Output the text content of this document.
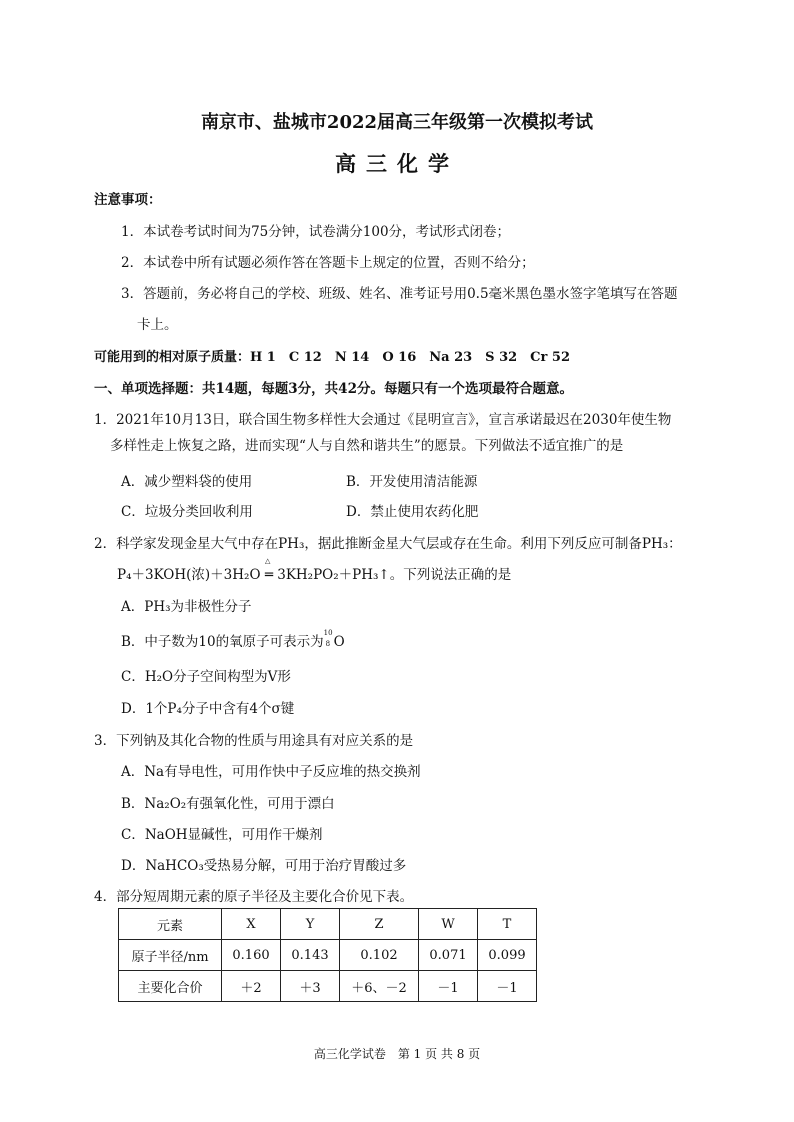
南京市、盐城市2022届高三年级第一次模拟考试
高三化学
注意事项：
1．本试卷考试时间为75分钟，试卷满分100分，考试形式闭卷；
2．本试卷中所有试题必须作答在答题卡上规定的位置，否则不给分；
3．答题前，务必将自己的学校、班级、姓名、准考证号用0.5毫米黑色墨水签字笔填写在答题
卡上。
可能用到的相对原子质量：H 1　C 12　N 14　O 16　Na 23　S 32　Cr 52
一、单项选择题：共14题，每题3分，共42分。每题只有一个选项最符合题意。
1．2021年10月13日，联合国生物多样性大会通过《昆明宣言》，宣言承诺最迟在2030年使生物
多样性走上恢复之路，进而实现“人与自然和谐共生”的愿景。下列做法不适宜推广的是
A．减少塑料袋的使用	B．开发使用清洁能源
C．垃圾分类回收利用	D．禁止使用农药化肥
2．科学家发现金星大气中存在PH₃，据此推断金星大气层或存在生命。利用下列反应可制备PH₃：
△
P₄＋3KOH(浓)＋3H₂O ═ 3KH₂PO₂＋PH₃↑。下列说法正确的是
A．PH₃为非极性分子
B．中子数为10的氧原子可表示为
10
8 O
C．H₂O分子空间构型为V形
D．1个P₄分子中含有4个σ键
3．下列钠及其化合物的性质与用途具有对应关系的是
A．Na有导电性，可用作快中子反应堆的热交换剂
B．Na₂O₂有强氧化性，可用于漂白
C．NaOH显碱性，可用作干燥剂
D．NaHCO₃受热易分解，可用于治疗胃酸过多
4．部分短周期元素的原子半径及主要化合价见下表。
元素	X	Y	Z	W	T
原子半径/nm	0.160	0.143	0.102	0.071	0.099
主要化合价	＋2	＋3	＋6、－2	－1	－1
高三化学试卷　第 1 页 共 8 页
